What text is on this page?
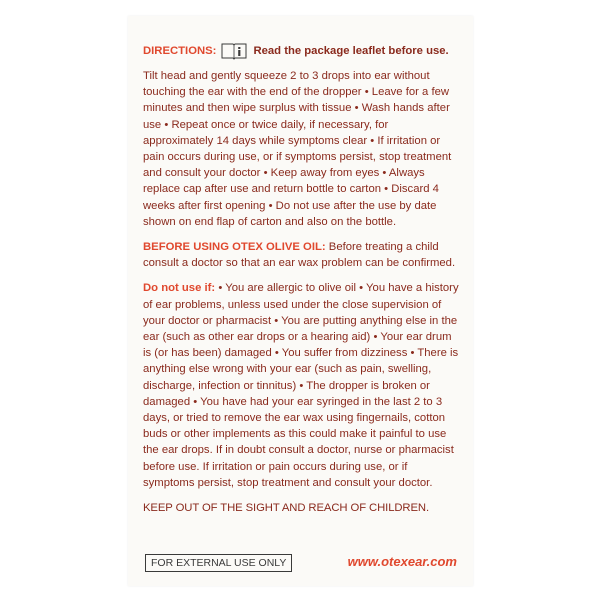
DIRECTIONS:	Read the package leaflet before use.

Tilt head and gently squeeze 2 to 3 drops into ear without touching the ear with the end of the dropper • Leave for a few minutes and then wipe surplus with tissue • Wash hands after use • Repeat once or twice daily, if necessary, for approximately 14 days while symptoms clear • If irritation or pain occurs during use, or if symptoms persist, stop treatment and consult your doctor • Keep away from eyes • Always replace cap after use and return bottle to carton • Discard 4 weeks after first opening • Do not use after the use by date shown on end flap of carton and also on the bottle.

BEFORE USING OTEX OLIVE OIL: Before treating a child consult a doctor so that an ear wax problem can be confirmed.

Do not use if: • You are allergic to olive oil • You have a history of ear problems, unless used under the close supervision of your doctor or pharmacist • You are putting anything else in the ear (such as other ear drops or a hearing aid) • Your ear drum is (or has been) damaged • You suffer from dizziness • There is anything else wrong with your ear (such as pain, swelling, discharge, infection or tinnitus) • The dropper is broken or damaged • You have had your ear syringed in the last 2 to 3 days, or tried to remove the ear wax using fingernails, cotton buds or other implements as this could make it painful to use the ear drops. If in doubt consult a doctor, nurse or pharmacist before use. If irritation or pain occurs during use, or if symptoms persist, stop treatment and consult your doctor.

KEEP OUT OF THE SIGHT AND REACH OF CHILDREN.

FOR EXTERNAL USE ONLY	www.otexear.com
